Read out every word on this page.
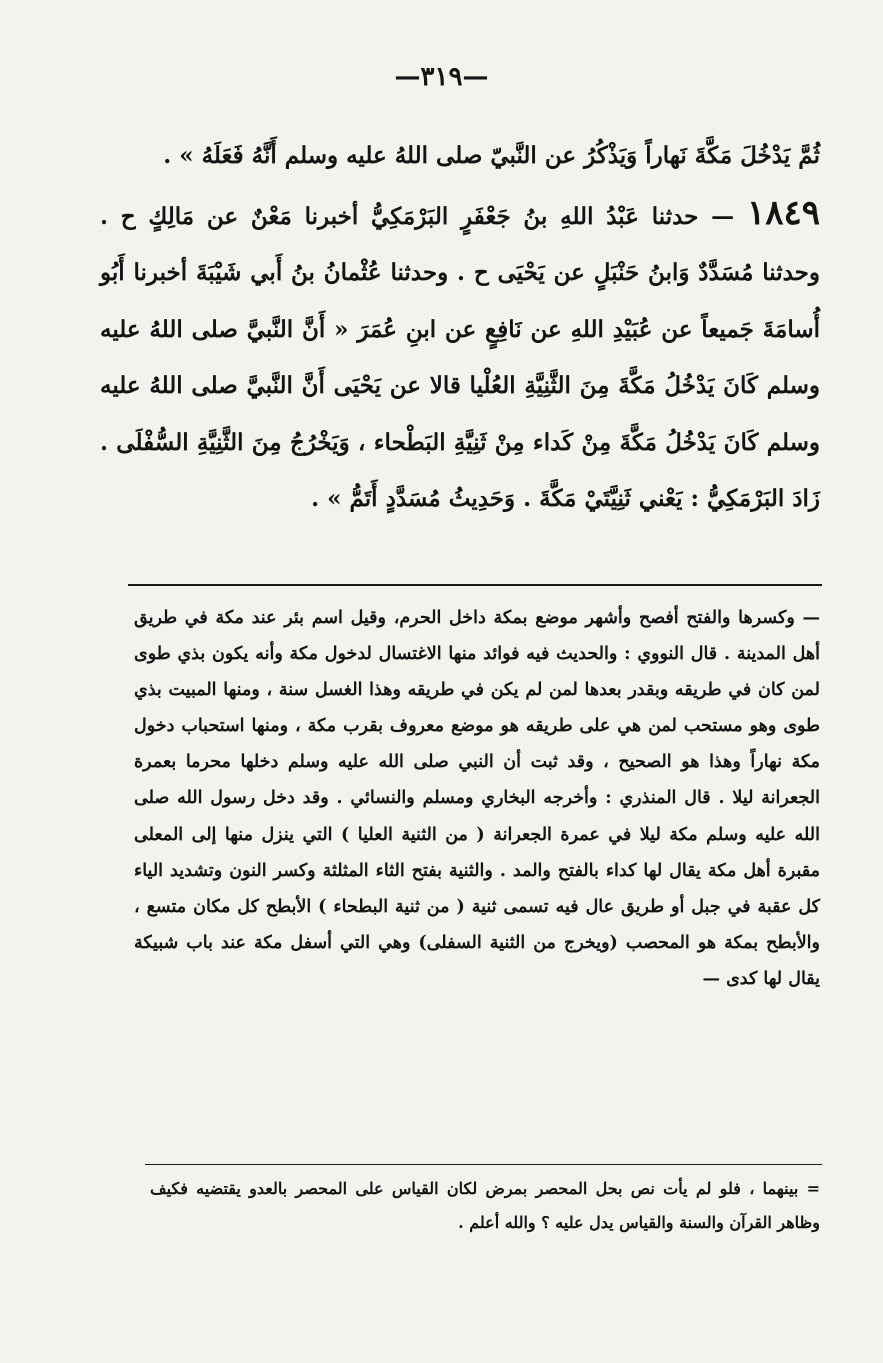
—٣١٩—

ثُمَّ يَدْخُلَ مَكَّةَ نَهاراً وَيَذْكُرُ عن النَّبيّ صلى اللهُ عليه وسلم أَنَّهُ فَعَلَهُ » .

١٨٤٩ — حدثنا عَبْدُ اللهِ بنُ جَعْفَرٍ البَرْمَكِيُّ أخبرنا مَعْنٌ عن مَالِكٍ ح . وحدثنا مُسَدَّدٌ وَابنُ حَنْبَلٍ عن يَحْيَى ح . وحدثنا عُثْمانُ بنُ أَبي شَيْبَةَ أخبرنا أَبُو أُسامَةَ جَميعاً عن عُبَيْدِ اللهِ عن نَافِعٍ عن ابنِ عُمَرَ « أَنَّ النَّبيَّ صلى اللهُ عليه وسلم كَانَ يَدْخُلُ مَكَّةَ مِنَ الثَّنِيَّةِ العُلْيا قالا عن يَحْيَى أَنَّ النَّبيَّ صلى اللهُ عليه وسلم كَانَ يَدْخُلُ مَكَّةَ مِنْ كَداء مِنْ ثَنِيَّةِ البَطْحاء ، وَيَخْرُجُ مِنَ الثَّنِيَّةِ السُّفْلَى . زَادَ البَرْمَكِيُّ : يَعْني ثَنِيَّتَيْ مَكَّةَ . وَحَدِيثُ مُسَدَّدٍ أَتَمُّ » .

— وكسرها والفتح أفصح وأشهر موضع بمكة داخل الحرم، وقيل اسم بئر عند مكة في طريق أهل المدينة . قال النووي : والحديث فيه فوائد منها الاغتسال لدخول مكة وأنه يكون بذي طوى لمن كان في طريقه وبقدر بعدها لمن لم يكن في طريقه وهذا الغسل سنة ، ومنها المبيت بذي طوى وهو مستحب لمن هي على طريقه هو موضع معروف بقرب مكة ، ومنها استحباب دخول مكة نهاراً وهذا هو الصحيح ، وقد ثبت أن النبي صلى الله عليه وسلم دخلها محرما بعمرة الجعرانة ليلا . قال المنذري : وأخرجه البخاري ومسلم والنسائي . وقد دخل رسول الله صلى الله عليه وسلم مكة ليلا في عمرة الجعرانة ( من الثنية العليا ) التي ينزل منها إلى المعلى مقبرة أهل مكة يقال لها كداء بالفتح والمد . والثنية بفتح الثاء المثلثة وكسر النون وتشديد الياء كل عقبة في جبل أو طريق عال فيه تسمى ثنية ( من ثنية البطحاء ) الأبطح كل مكان متسع ، والأبطح بمكة هو المحصب (ويخرج من الثنية السفلى) وهي التي أسفل مكة عند باب شبيكة يقال لها كدى —

= بينهما ، فلو لم يأت نص بحل المحصر بمرض لكان القياس على المحصر بالعدو يقتضيه فكيف وظاهر القرآن والسنة والقياس يدل عليه ؟ والله أعلم .
